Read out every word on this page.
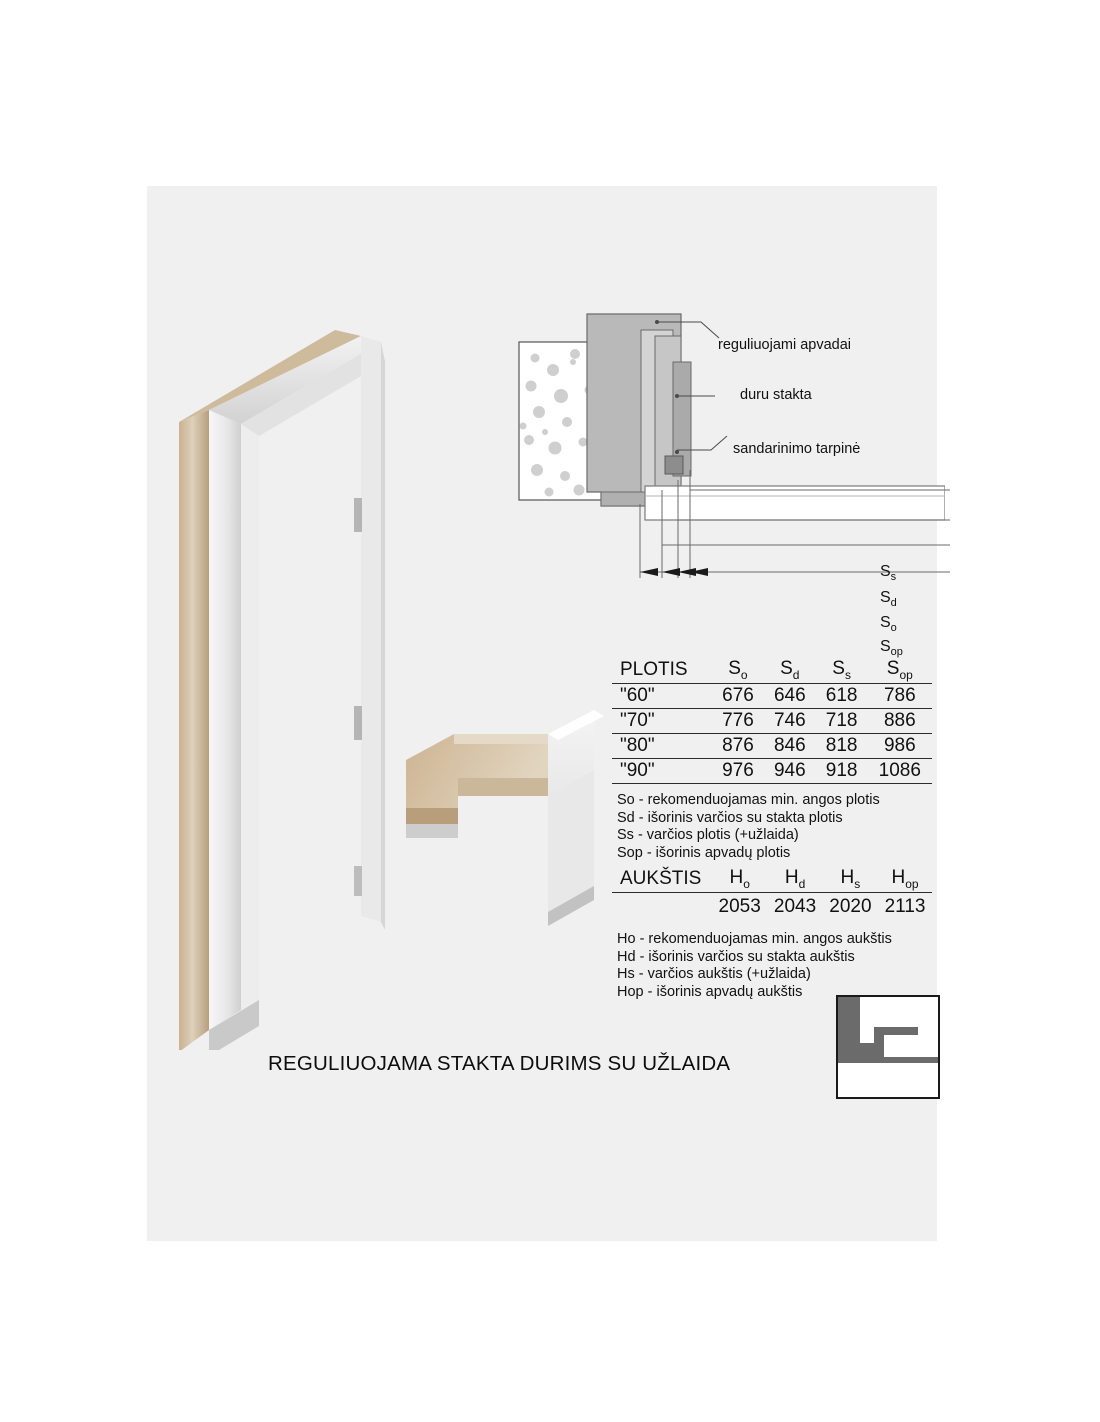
reguliuojami apvadai
duru stakta
sandarinimo tarpinė
$S_s$
$S_d$
$S_o$
$S_{op}$
PLOTIS	$S_o$	$S_d$	$S_s$	$S_{op}$
"60"	676	646	618	786
"70"	776	746	718	886
"80"	876	846	818	986
"90"	976	946	918	1086
So - rekomenduojamas min. angos plotis
Sd - išorinis varčios su stakta plotis
Ss - varčios plotis (+užlaida)
Sop - išorinis apvadų plotis
AUKŠTIS	$H_o$	$H_d$	$H_s$	$H_{op}$
	2053	2043	2020	2113
Ho - rekomenduojamas min. angos aukštis
Hd - išorinis varčios su stakta aukštis
Hs - varčios aukštis (+užlaida)
Hop - išorinis apvadų aukštis
REGULIUOJAMA STAKTA DURIMS SU UŽLAIDA
